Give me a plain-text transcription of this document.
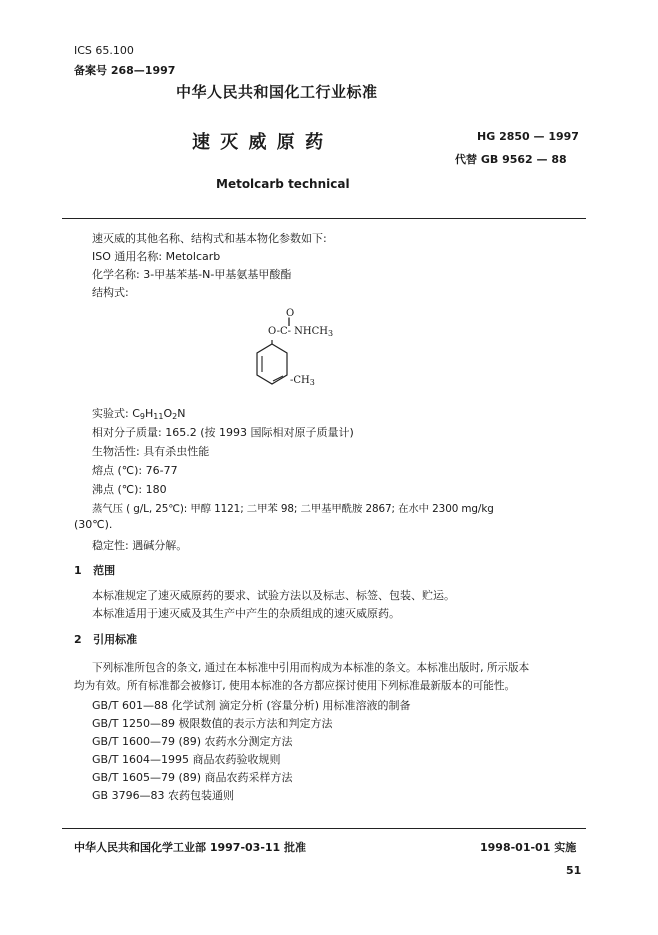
ICS 65.100
备案号 268—1997
中华人民共和国化工行业标准
速 灭 威 原 药	HG 2850 — 1997
代替 GB 9562 — 88
Metolcarb technical
速灭威的其他名称、结构式和基本物化参数如下:
ISO 通用名称: Metolcarb
化学名称: 3-甲基苯基-N-甲基氨基甲酸酯
结构式:
O
‖
O-C- $NHCH_3$
$-CH_3$
实验式: $C_9H_{11}O_2N$
相对分子质量: 165.2 (按 1993 国际相对原子质量计)
生物活性: 具有杀虫性能
熔点 (℃): 76-77
沸点 (℃): 180
蒸气压 ( g/L, 25℃): 甲醇 1121; 二甲苯 98; 二甲基甲酰胺 2867; 在水中 2300 mg/kg
(30℃).
稳定性: 遇碱分解。
1 范围
本标准规定了速灭威原药的要求、试验方法以及标志、标签、包装、贮运。
本标准适用于速灭威及其生产中产生的杂质组成的速灭威原药。
2 引用标准
下列标准所包含的条文, 通过在本标准中引用而构成为本标准的条文。本标准出版时, 所示版本
均为有效。所有标准都会被修订, 使用本标准的各方都应探讨使用下列标准最新版本的可能性。
GB/T 601—88 化学试剂 滴定分析 (容量分析) 用标准溶液的制备
GB/T 1250—89 极限数值的表示方法和判定方法
GB/T 1600—79 (89) 农药水分测定方法
GB/T 1604—1995 商品农药验收规则
GB/T 1605—79 (89) 商品农药采样方法
GB 3796—83 农药包装通则
中华人民共和国化学工业部 1997-03-11 批准	1998-01-01 实施
51
